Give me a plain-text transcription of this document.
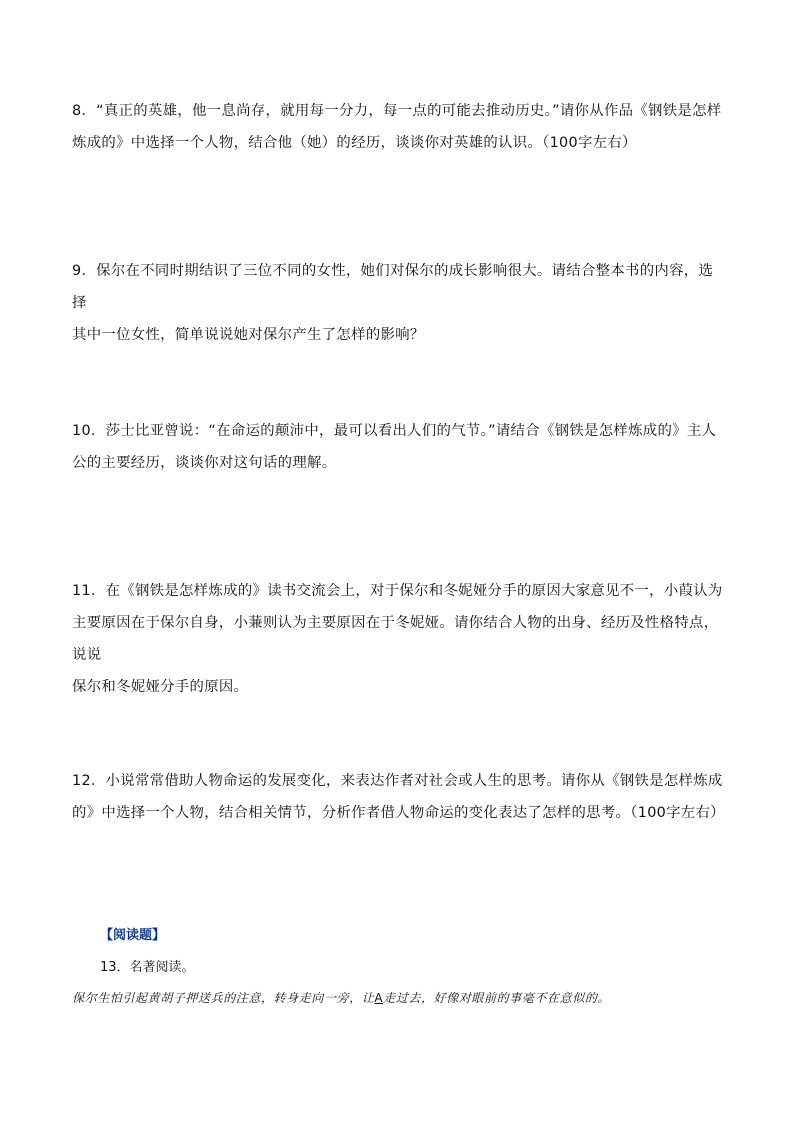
8．“真正的英雄，他一息尚存，就用每一分力，每一点的可能去推动历史。”请你从作品《钢铁是怎样

炼成的》中选择一个人物，结合他（她）的经历，谈谈你对英雄的认识。（100字左右）

9．保尔在不同时期结识了三位不同的女性，她们对保尔的成长影响很大。请结合整本书的内容，选择

其中一位女性，简单说说她对保尔产生了怎样的影响？

10．莎士比亚曾说：“在命运的颠沛中，最可以看出人们的气节。”请结合《钢铁是怎样炼成的》主人

公的主要经历，谈谈你对这句话的理解。

11．在《钢铁是怎样炼成的》读书交流会上，对于保尔和冬妮娅分手的原因大家意见不一，小葭认为

主要原因在于保尔自身，小蒹则认为主要原因在于冬妮娅。请你结合人物的出身、经历及性格特点，说说

保尔和冬妮娅分手的原因。

12．小说常常借助人物命运的发展变化，来表达作者对社会或人生的思考。请你从《钢铁是怎样炼成

的》中选择一个人物，结合相关情节，分析作者借人物命运的变化表达了怎样的思考。（100字左右）

【阅读题】
13．名著阅读。
保尔生怕引起黄胡子押送兵的注意，转身走向一旁，让A走过去，好像对眼前的事毫不在意似的。
